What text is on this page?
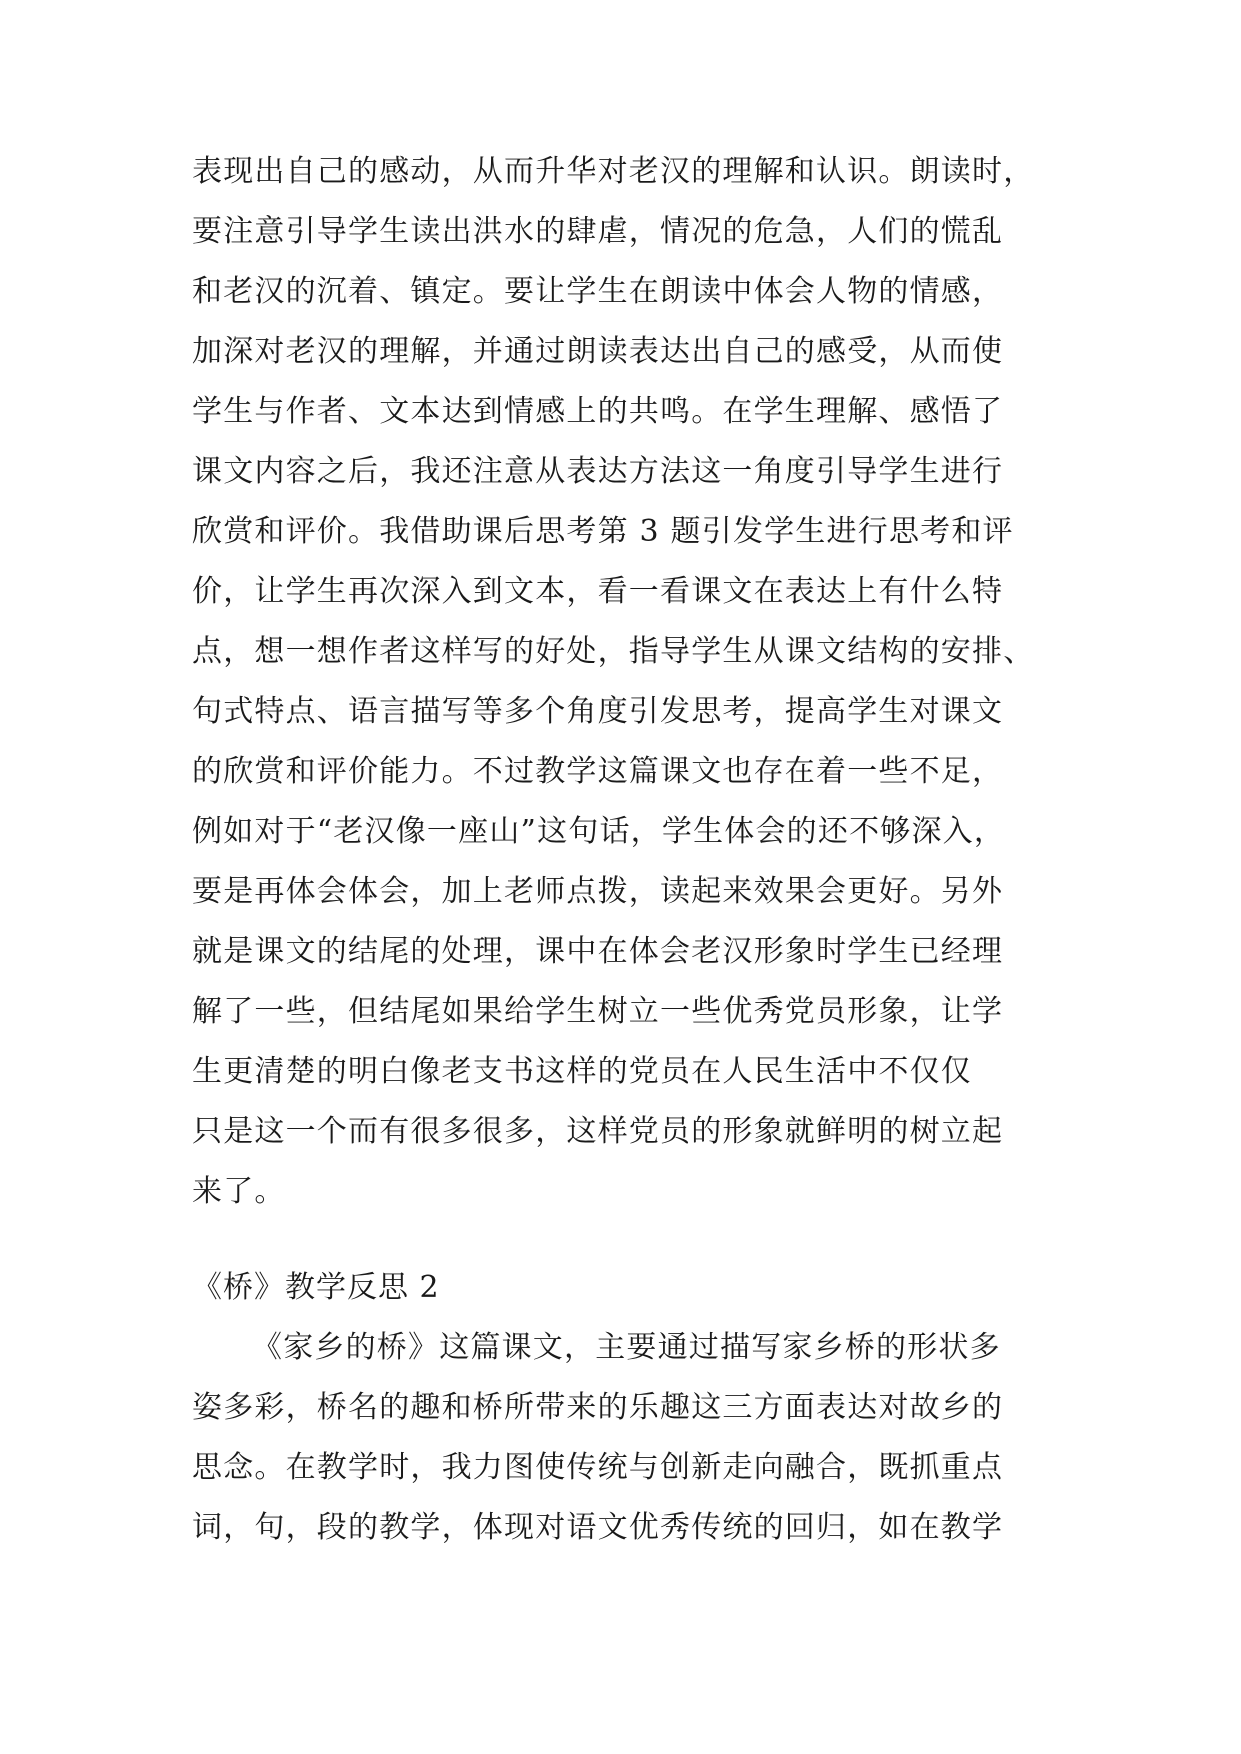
表现出自己的感动，从而升华对老汉的理解和认识。朗读时，
要注意引导学生读出洪水的肆虐，情况的危急，人们的慌乱
和老汉的沉着、镇定。要让学生在朗读中体会人物的情感，
加深对老汉的理解，并通过朗读表达出自己的感受，从而使
学生与作者、文本达到情感上的共鸣。在学生理解、感悟了
课文内容之后，我还注意从表达方法这一角度引导学生进行
欣赏和评价。我借助课后思考第 3 题引发学生进行思考和评
价，让学生再次深入到文本，看一看课文在表达上有什么特
点，想一想作者这样写的好处，指导学生从课文结构的安排、
句式特点、语言描写等多个角度引发思考，提高学生对课文
的欣赏和评价能力。不过教学这篇课文也存在着一些不足，
例如对于“老汉像一座山”这句话，学生体会的还不够深入，
要是再体会体会，加上老师点拨，读起来效果会更好。另外
就是课文的结尾的处理，课中在体会老汉形象时学生已经理
解了一些，但结尾如果给学生树立一些优秀党员形象，让学
生更清楚的明白像老支书这样的党员在人民生活中不仅仅
只是这一个而有很多很多，这样党员的形象就鲜明的树立起
来了。
《桥》教学反思 2
《家乡的桥》这篇课文，主要通过描写家乡桥的形状多
姿多彩，桥名的趣和桥所带来的乐趣这三方面表达对故乡的
思念。在教学时，我力图使传统与创新走向融合，既抓重点
词，句，段的教学，体现对语文优秀传统的回归，如在教学
